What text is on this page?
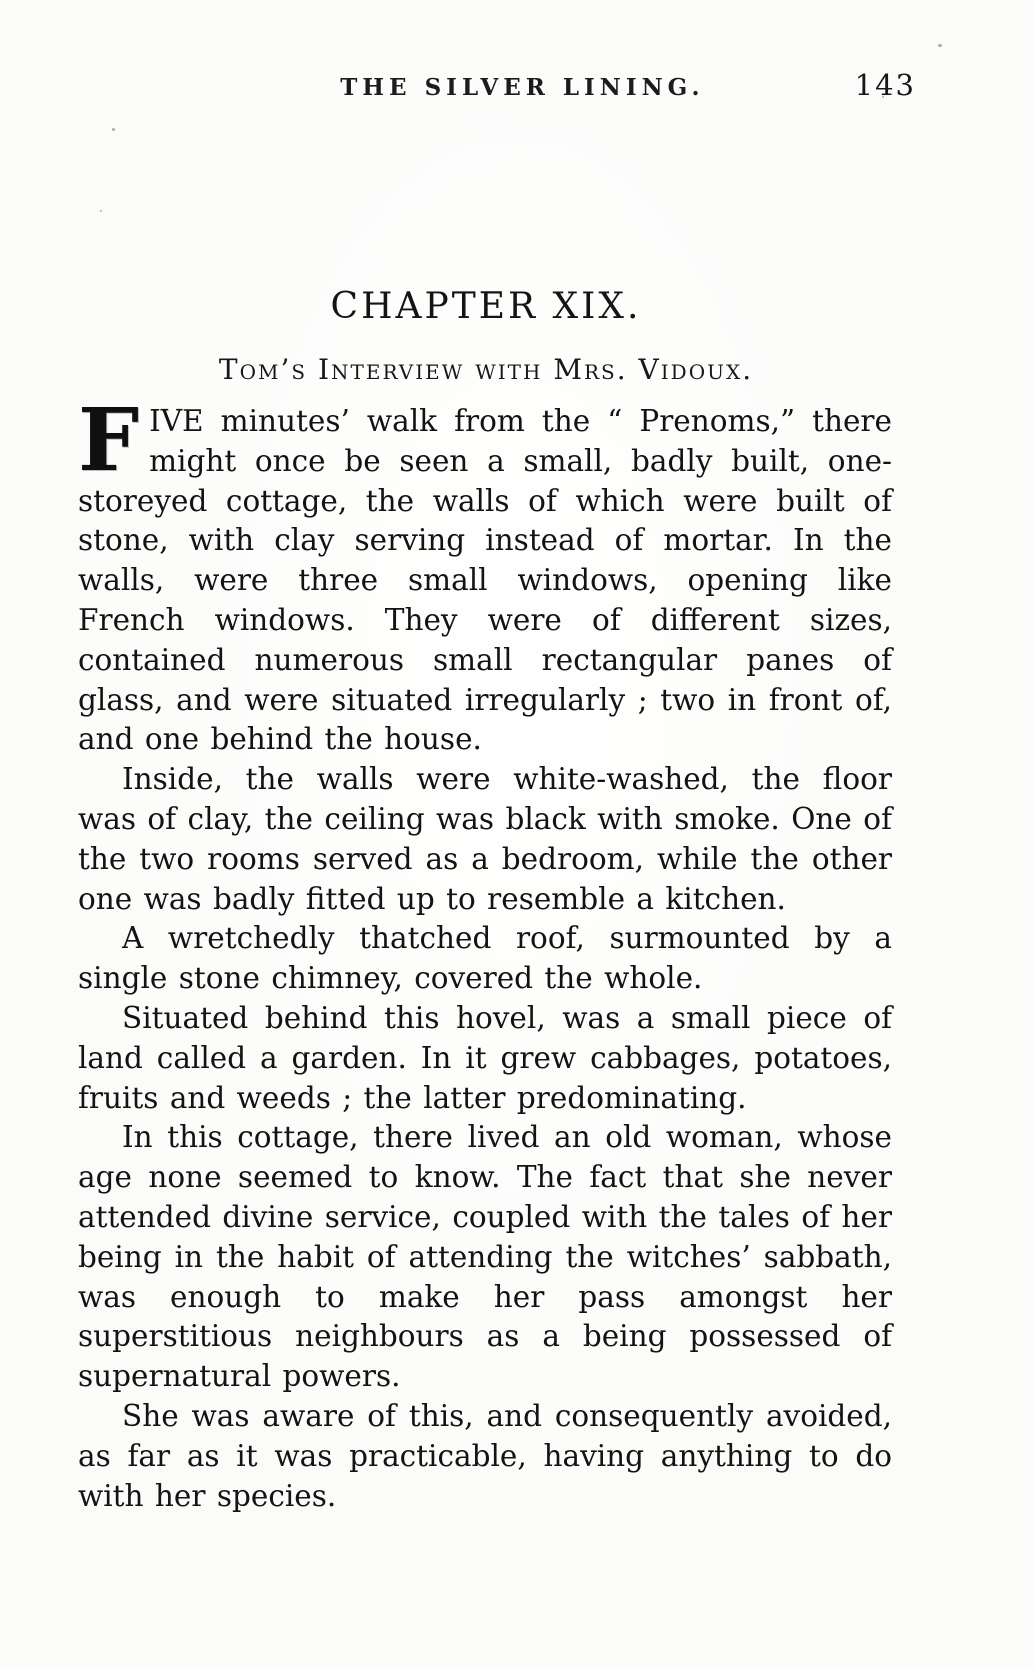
THE SILVER LINING.	143
CHAPTER XIX.
Tom’s Interview with Mrs. Vidoux.

FIVE minutes’ walk from the “ Prenoms,” there might once be seen a small, badly built, one-storeyed cottage, the walls of which were built of stone, with clay serving instead of mortar. In the walls, were three small windows, opening like French windows. They were of different sizes, contained numerous small rectangular panes of glass, and were situated irregularly ; two in front of, and one behind the house.

Inside, the walls were white-washed, the floor was of clay, the ceiling was black with smoke. One of the two rooms served as a bedroom, while the other one was badly fitted up to resemble a kitchen.

A wretchedly thatched roof, surmounted by a single stone chimney, covered the whole.

Situated behind this hovel, was a small piece of land called a garden. In it grew cabbages, potatoes, fruits and weeds ; the latter predominating.

In this cottage, there lived an old woman, whose age none seemed to know. The fact that she never attended divine service, coupled with the tales of her being in the habit of attending the witches’ sabbath, was enough to make her pass amongst her superstitious neighbours as a being possessed of supernatural powers.

She was aware of this, and consequently avoided, as far as it was practicable, having anything to do with her species.
